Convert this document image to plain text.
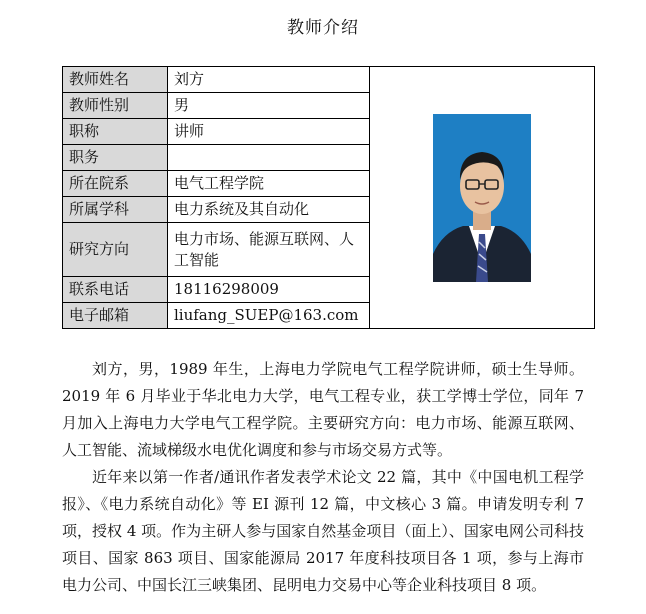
教师介绍
教师姓名	刘方	
教师性别	男	
职称	讲师	
职务		
所在院系	电气工程学院	
所属学科	电力系统及其自动化	
研究方向	电力市场、能源互联网、人工智能	
联系电话	18116298009	
电子邮箱	liufang_SUEP@163.com	

刘方，男，1989 年生，上海电力学院电气工程学院讲师，硕士生导师。2019 年 6 月毕业于华北电力大学，电气工程专业，获工学博士学位，同年 7 月加入上海电力大学电气工程学院。主要研究方向：电力市场、能源互联网、人工智能、流域梯级水电优化调度和参与市场交易方式等。

近年来以第一作者/通讯作者发表学术论文 22 篇，其中《中国电机工程学报》、《电力系统自动化》等 EI 源刊 12 篇，中文核心 3 篇。申请发明专利 7 项，授权 4 项。作为主研人参与国家自然基金项目（面上）、国家电网公司科技项目、国家 863 项目、国家能源局 2017 年度科技项目各 1 项，参与上海市电力公司、中国长江三峡集团、昆明电力交易中心等企业科技项目 8 项。
